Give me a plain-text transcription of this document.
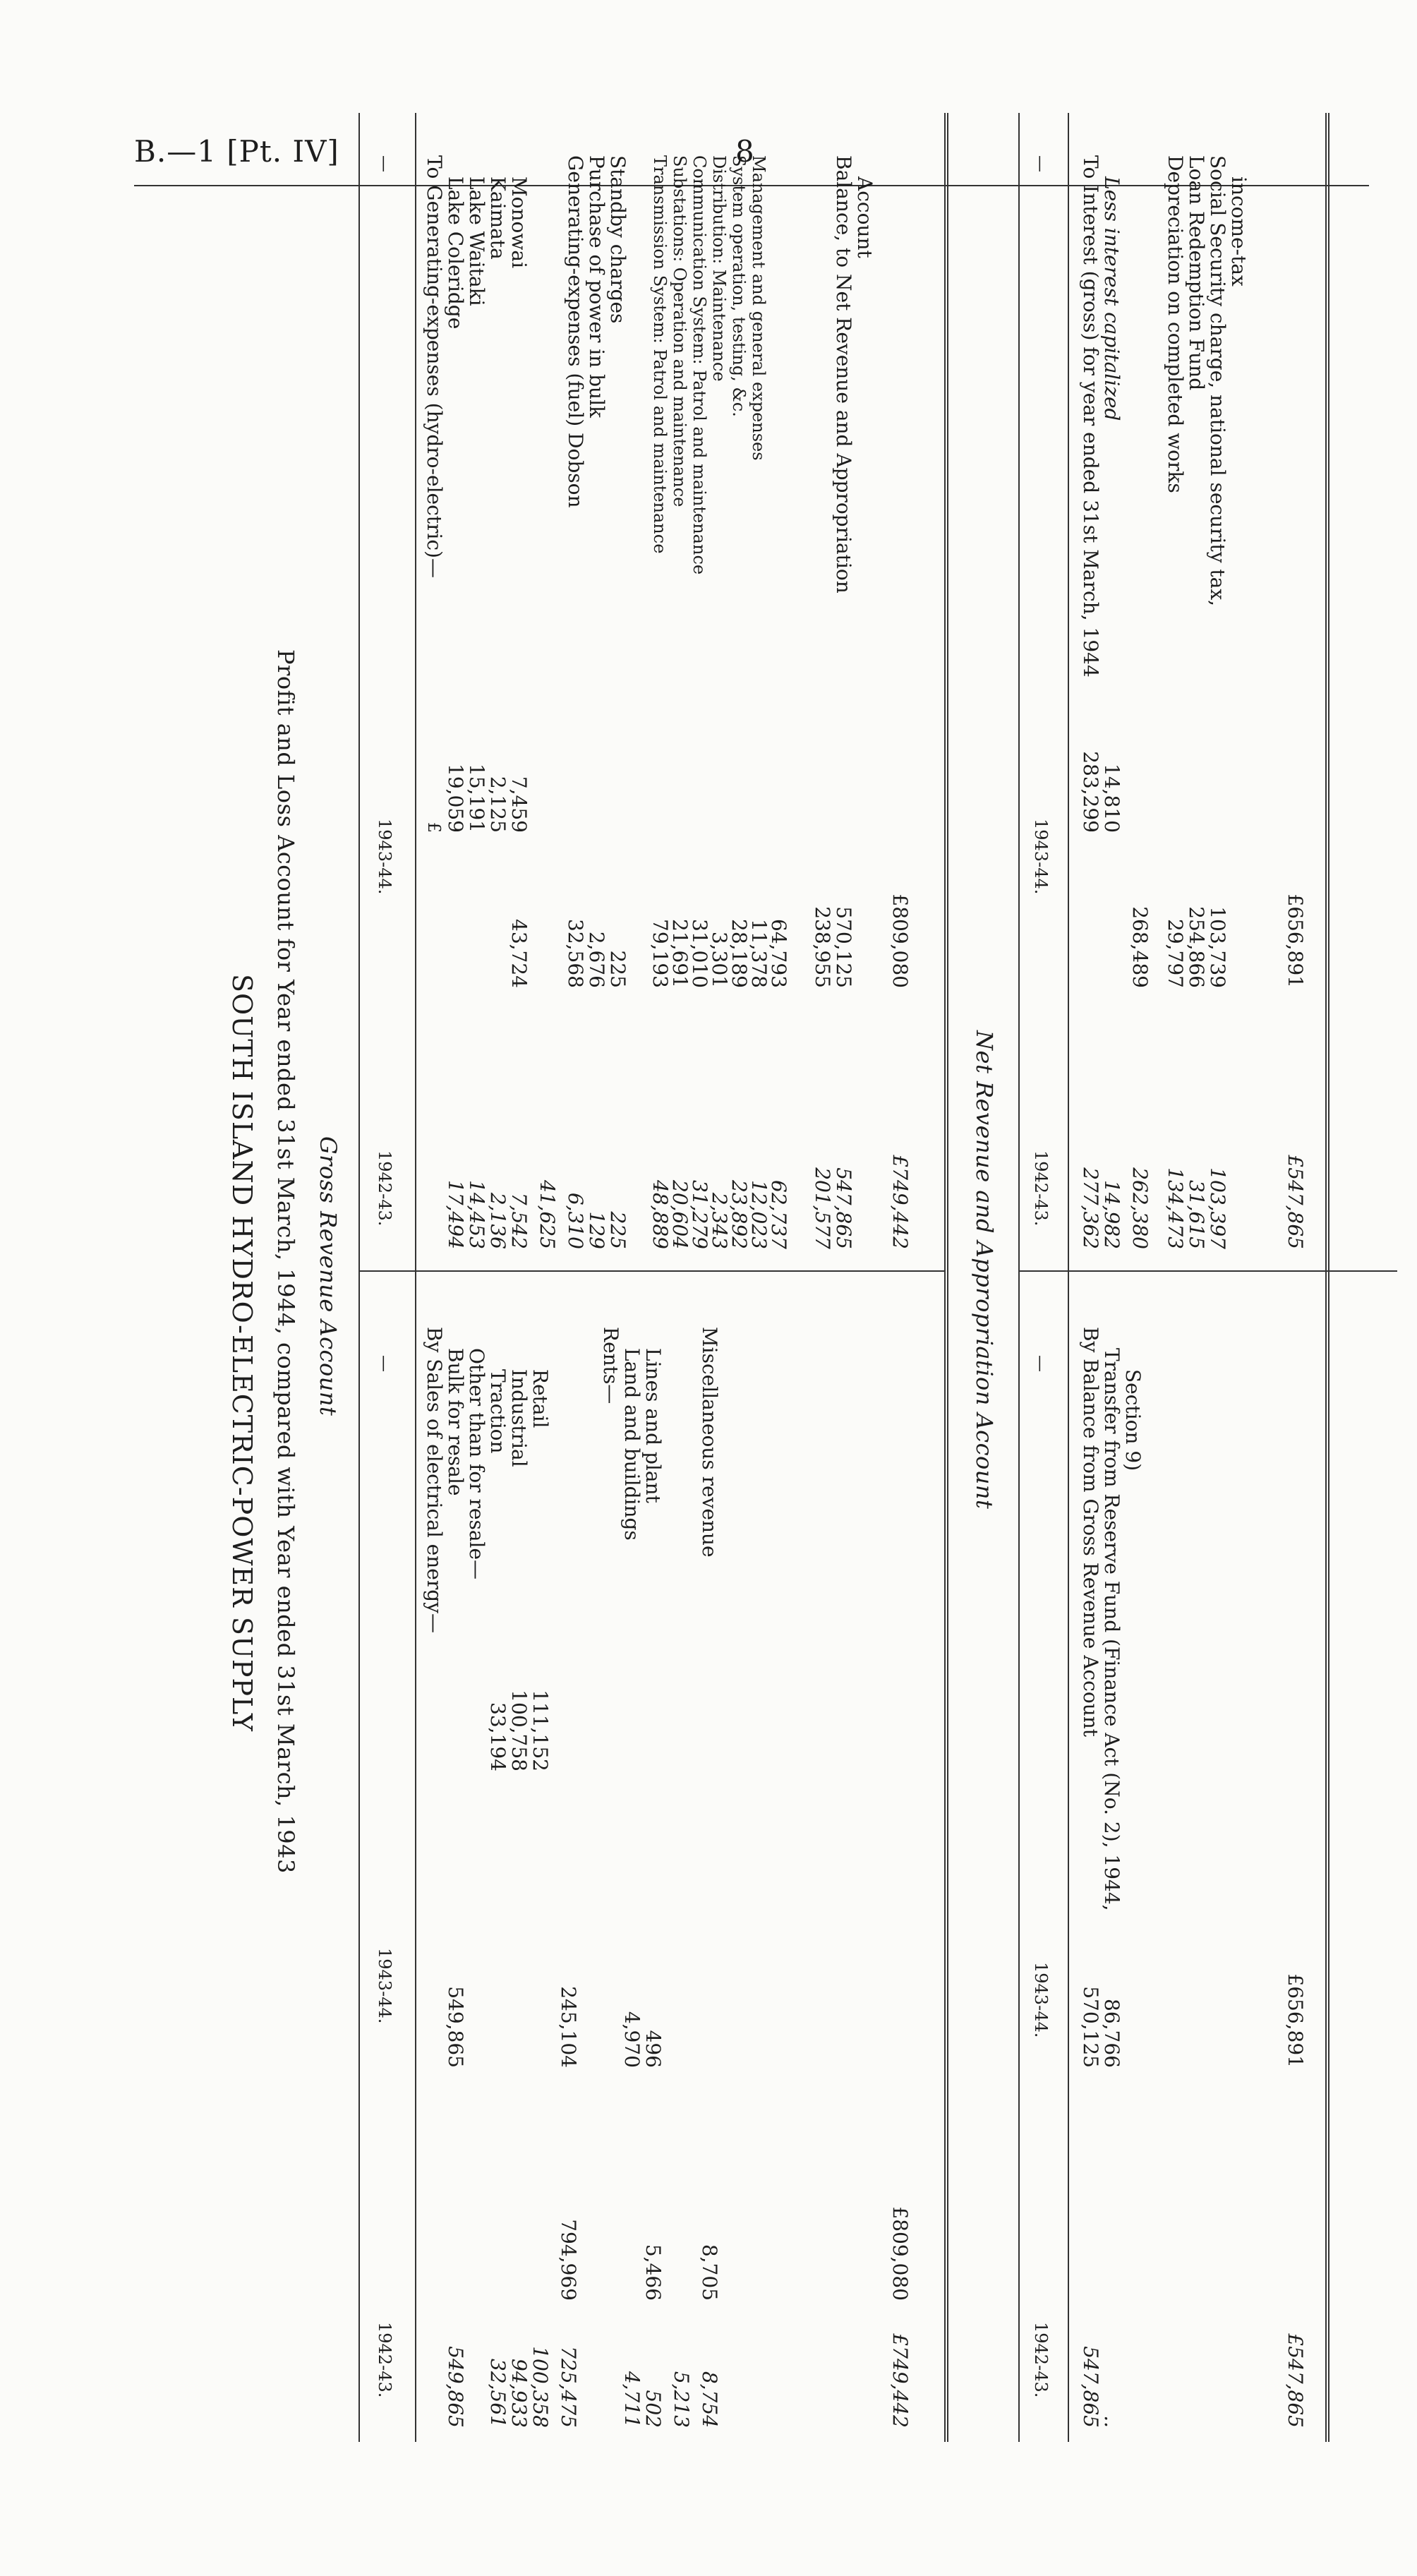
B.—1 [Pt. IV]	8
SOUTH ISLAND HYDRO-ELECTRIC-POWER SUPPLY Profit and Loss Account for Year ended 31st March, 1944, compared with Year ended 31st March, 1943 Gross Revenue Account
—
1943-44.
1942-43.
—
1943-44.
1942-43.
To Generating-expenses (hydro-electric)—
Lake Coleridge
Lake Waitaki
Kaimata
Monowai
£ 19,059
15,191
2,125
7,459
17,494
14,453
2,136
7,542
43,724
41,625
Generating-expenses (fuel) Dobson
Purchase of power in bulk
Standby charges
32,568
2,676
225
6,310
129
225
Transmission System: Patrol and maintenance Substations: Operation and maintenance Communication System: Patrol and maintenance Distribution: Maintenance System operation, testing, &c. Management and general expenses
79,193
21,691
31,010
3,301
28,189
11,378
64,793
48,889
20,604
31,279
2,343
23,892
12,023
62,737
238,955
201,577
Balance, to Net Revenue and Appropriation
Account
570,125
547,865
£809,080
£749,442
By Sales of electrical energy—
Bulk for resale
Other than for resale—
Traction
Industrial
Retail
33,194
100,758
111,152
549,865	245,104
794,969
549,865 32,561
94,933
100,358 725,475
Rents—
Land and buildings
Lines and plant
4,970
496
5,466
4,711
502 5,213
Miscellaneous revenue
8,705
8,754
£809,080
£749,442
Net Revenue and Appropriation Account
—
1943-44.
1942-43.
—
1943-44.
1942-43.
To Interest (gross) for year ended 31st March, 1944
Less interest capitalized
283,299
14,810
277,362
14,982
268,489
262,380
Depreciation on completed works
Loan Redemption Fund
Social Security charge, national security tax,
income-tax
29,797
254,866
103,739
134,473
31,615
103,397
£656,891
£547,865
By Balance from Gross Revenue Account
Transfer from Reserve Fund (Finance Act (No. 2), 1944,
Section 9)
570,125
86,766
547,865
..
£656,891
£547,865
